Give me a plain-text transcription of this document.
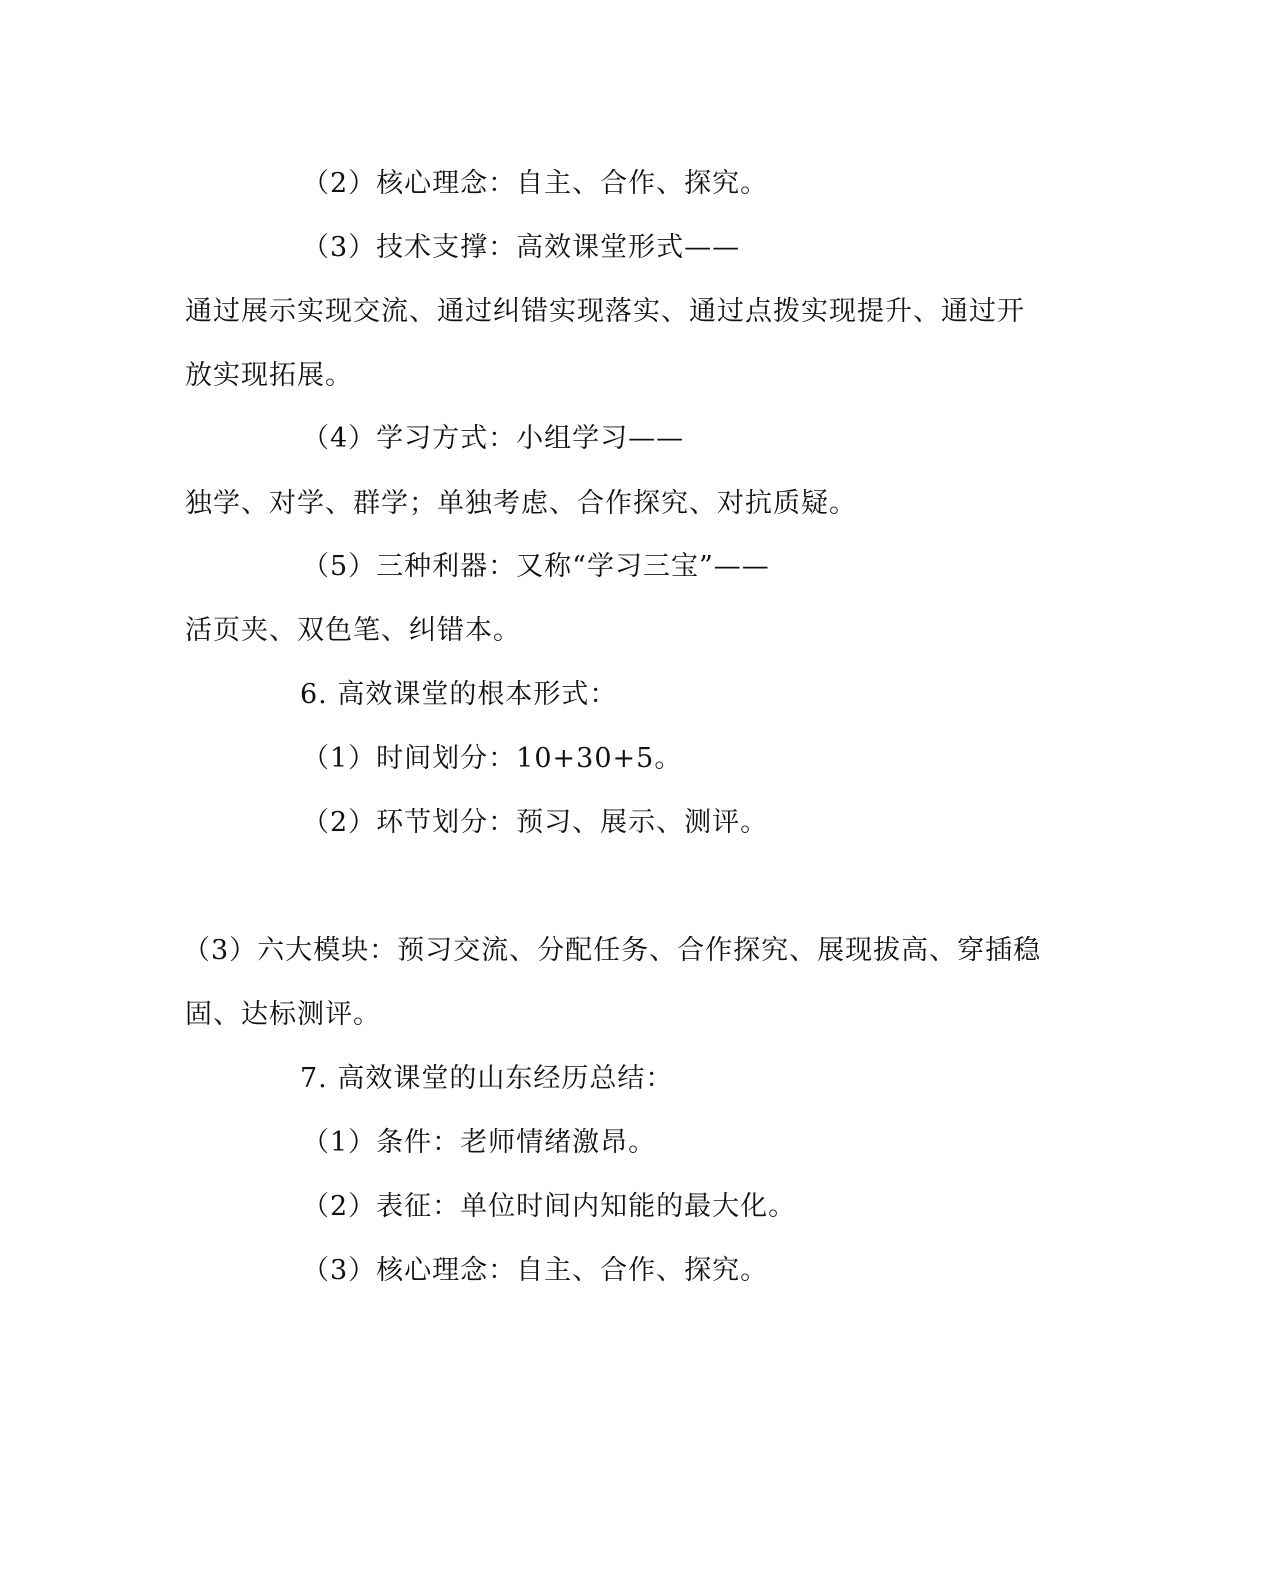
（2）核心理念：自主、合作、探究。
（3）技术支撑：高效课堂形式——
通过展示实现交流、通过纠错实现落实、通过点拨实现提升、通过开
放实现拓展。
（4）学习方式：小组学习——
独学、对学、群学；单独考虑、合作探究、对抗质疑。
（5）三种利器：又称“学习三宝”——
活页夹、双色笔、纠错本。
6. 高效课堂的根本形式：
（1）时间划分：10+30+5。
（2）环节划分：预习、展示、测评。
（3）六大模块：预习交流、分配任务、合作探究、展现拔高、穿插稳
固、达标测评。
7. 高效课堂的山东经历总结：
（1）条件：老师情绪激昂。
（2）表征：单位时间内知能的最大化。
（3）核心理念：自主、合作、探究。
